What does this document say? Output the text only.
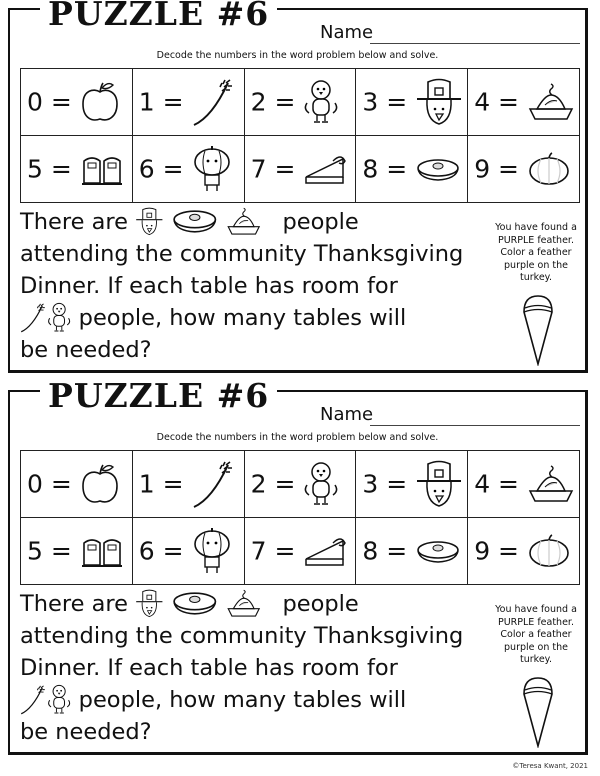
PUZZLE #6	Name
Decode the numbers in the word problem below and solve.
0 =	1 =	2 =	3 =	4 =
5 =	6 =	7 =	8 =	9 =
There are	people
attending the community Thanksgiving
Dinner. If each table has room for
people, how many tables will
be needed?
You have found a
PURPLE feather.
Color a feather
purple on the
turkey.
PUZZLE #6	Name
Decode the numbers in the word problem below and solve.
0 =	1 =	2 =	3 =	4 =
5 =	6 =	7 =	8 =	9 =
There are	people
attending the community Thanksgiving
Dinner. If each table has room for
people, how many tables will
be needed?
You have found a
PURPLE feather.
Color a feather
purple on the
turkey.
©Teresa Kwant, 2021
